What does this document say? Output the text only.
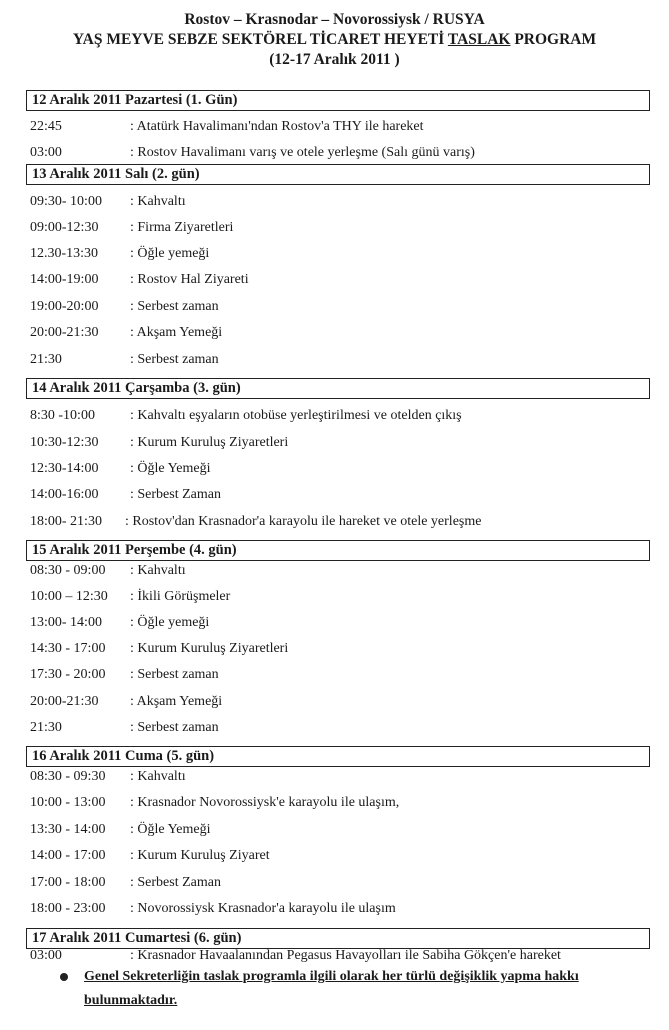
Rostov – Krasnodar – Novorossiysk / RUSYA
YAŞ MEYVE SEBZE SEKTÖREL TİCARET HEYETİ TASLAK PROGRAM
(12-17 Aralık 2011 )
12 Aralık 2011 Pazartesi (1. Gün)
22:45	: Atatürk Havalimanı'ndan Rostov'a THY ile hareket
03:00	: Rostov Havalimanı varış ve otele yerleşme (Salı günü varış)
13 Aralık 2011 Salı (2. gün)
09:30- 10:00 : Kahvaltı
09:00-12:30 : Firma Ziyaretleri
12.30-13:30 : Öğle yemeği
14:00-19:00 : Rostov Hal Ziyareti
19:00-20:00 : Serbest zaman
20:00-21:30 : Akşam Yemeği
21:30	: Serbest zaman
14 Aralık 2011 Çarşamba (3. gün)
8:30 -10:00	: Kahvaltı eşyaların otobüse yerleştirilmesi ve otelden çıkış
10:30-12:30 : Kurum Kuruluş Ziyaretleri
12:30-14:00 : Öğle Yemeği
14:00-16:00 : Serbest Zaman
18:00- 21:30 : Rostov'dan Krasnador'a karayolu ile hareket ve otele yerleşme
15 Aralık 2011 Perşembe (4. gün)
08:30 - 09:00 : Kahvaltı
10:00 – 12:30 : İkili Görüşmeler
13:00- 14:00 : Öğle yemeği
14:30 - 17:00 : Kurum Kuruluş Ziyaretleri
17:30 - 20:00 : Serbest zaman
20:00-21:30 : Akşam Yemeği
21:30	: Serbest zaman
16 Aralık 2011 Cuma (5. gün)
08:30 - 09:30 : Kahvaltı
10:00 - 13:00 : Krasnador Novorossiysk'e karayolu ile ulaşım,
13:30 - 14:00 : Öğle Yemeği
14:00 - 17:00 : Kurum Kuruluş Ziyaret
17:00 - 18:00 : Serbest Zaman
18:00 - 23:00 : Novorossiysk Krasnador'a karayolu ile ulaşım
17 Aralık 2011 Cumartesi (6. gün)
03:00	: Krasnador Havaalanından Pegasus Havayolları ile Sabiha Gökçen'e hareket
Genel Sekreterliğin taslak programla ilgili olarak her türlü değişiklik yapma hakkı
bulunmaktadır.
